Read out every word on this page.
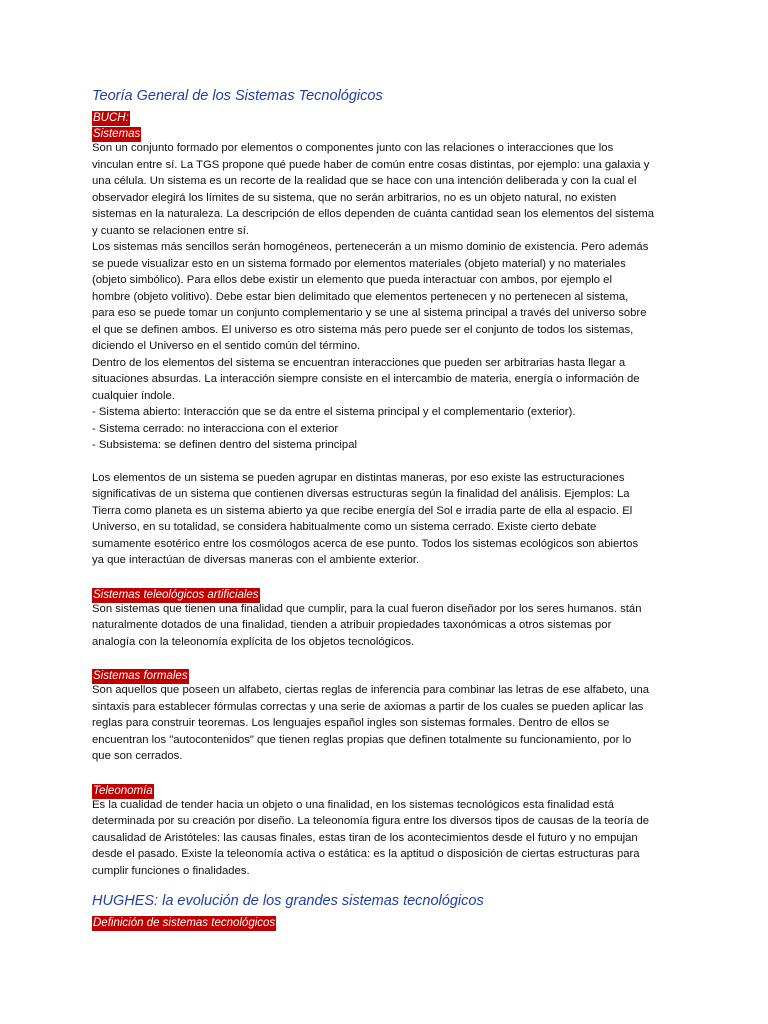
Teoría General de los Sistemas Tecnológicos
BUCH:
Sistemas

Son un conjunto formado por elementos o componentes junto con las relaciones o interacciones que los
vinculan entre sí. La TGS propone qué puede haber de común entre cosas distintas, por ejemplo: una galaxia y
una célula. Un sistema es un recorte de la realidad que se hace con una intención deliberada y con la cual el
observador elegirá los límites de su sistema, que no serán arbitrarios, no es un objeto natural, no existen
sistemas en la naturaleza. La descripción de ellos dependen de cuánta cantidad sean los elementos del sistema
y cuanto se relacionen entre sí.
Los sistemas más sencillos serán homogéneos, pertenecerán a un mismo dominio de existencia. Pero además
se puede visualizar esto en un sistema formado por elementos materiales (objeto material) y no materiales
(objeto simbólico). Para ellos debe existir un elemento que pueda interactuar con ambos, por ejemplo el
hombre (objeto volitivo). Debe estar bien delimitado que elementos pertenecen y no pertenecen al sistema,
para eso se puede tomar un conjunto complementario y se une al sistema principal a través del universo sobre
el que se definen ambos. El universo es otro sistema más pero puede ser el conjunto de todos los sistemas,
diciendo el Universo en el sentido común del término.
Dentro de los elementos del sistema se encuentran interacciones que pueden ser arbitrarias hasta llegar a
situaciones absurdas. La interacción siempre consiste en el intercambio de materia, energía o información de
cualquier índole.
- Sistema abierto: Interacción que se da entre el sistema principal y el complementario (exterior).
- Sistema cerrado: no interacciona con el exterior
- Subsistema: se definen dentro del sistema principal

Los elementos de un sistema se pueden agrupar en distintas maneras, por eso existe las estructuraciones
significativas de un sistema que contienen diversas estructuras según la finalidad del análisis. Ejemplos: La
Tierra como planeta es un sistema abierto ya que recibe energía del Sol e irradia parte de ella al espacio. El
Universo, en su totalidad, se considera habitualmente como un sistema cerrado. Existe cierto debate
sumamente esotérico entre los cosmólogos acerca de ese punto. Todos los sistemas ecológicos son abiertos
ya que interactúan de diversas maneras con el ambiente exterior.

Sistemas teleológicos artificiales

Son sistemas que tienen una finalidad que cumplir, para la cual fueron diseñador por los seres humanos. stán
naturalmente dotados de una finalidad, tienden a atribuir propiedades taxonómicas a otros sistemas por
analogía con la teleonomía explícita de los objetos tecnológicos.

Sistemas formales

Son aquellos que poseen un alfabeto, ciertas reglas de inferencia para combinar las letras de ese alfabeto, una
sintaxis para establecer fórmulas correctas y una serie de axiomas a partir de los cuales se pueden aplicar las
reglas para construir teoremas. Los lenguajes español ingles son sistemas formales. Dentro de ellos se
encuentran los "autocontenidos" que tienen reglas propias que definen totalmente su funcionamiento, por lo
que son cerrados.

Teleonomía

Es la cualidad de tender hacia un objeto o una finalidad, en los sistemas tecnológicos esta finalidad está
determinada por su creación por diseño. La teleonomía figura entre los diversos tipos de causas de la teoría de
causalidad de Aristóteles: las causas finales, estas tiran de los acontecimientos desde el futuro y no empujan
desde el pasado. Existe la teleonomía activa o estática: es la aptitud o disposición de ciertas estructuras para
cumplir funciones o finalidades.

HUGHES: la evolución de los grandes sistemas tecnológicos
Definición de sistemas tecnológicos
